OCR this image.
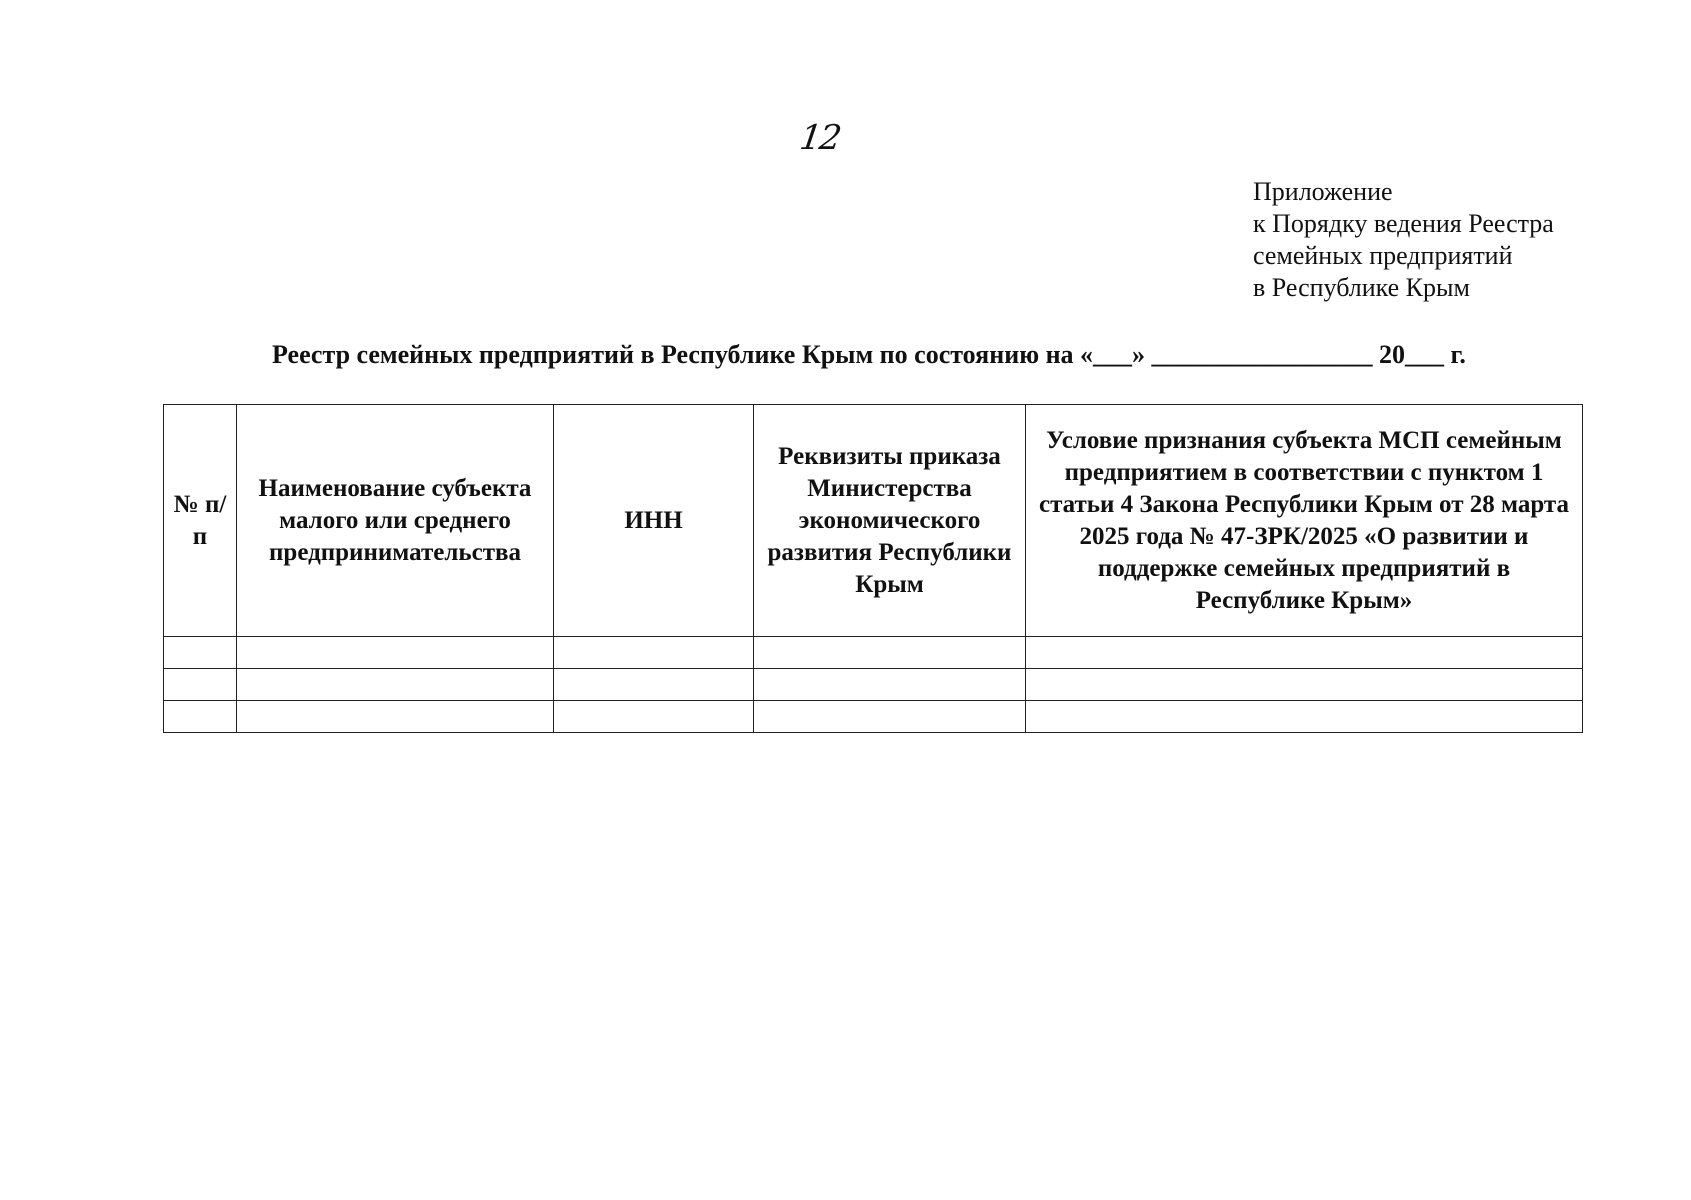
12
Приложение
к Порядку ведения Реестра
семейных предприятий
в Республике Крым
Реестр семейных предприятий в Республике Крым по состоянию на «___» _________________ 20___ г.
№ п/п	Наименование субъекта малого или среднего предпринимательства	ИНН	Реквизиты приказа Министерства экономического развития Республики Крым	Условие признания субъекта МСП семейным предприятием в соответствии с пунктом 1 статьи 4 Закона Республики Крым от 28 марта 2025 года № 47-ЗРК/2025 «О развитии и поддержке семейных предприятий в Республике Крым»
